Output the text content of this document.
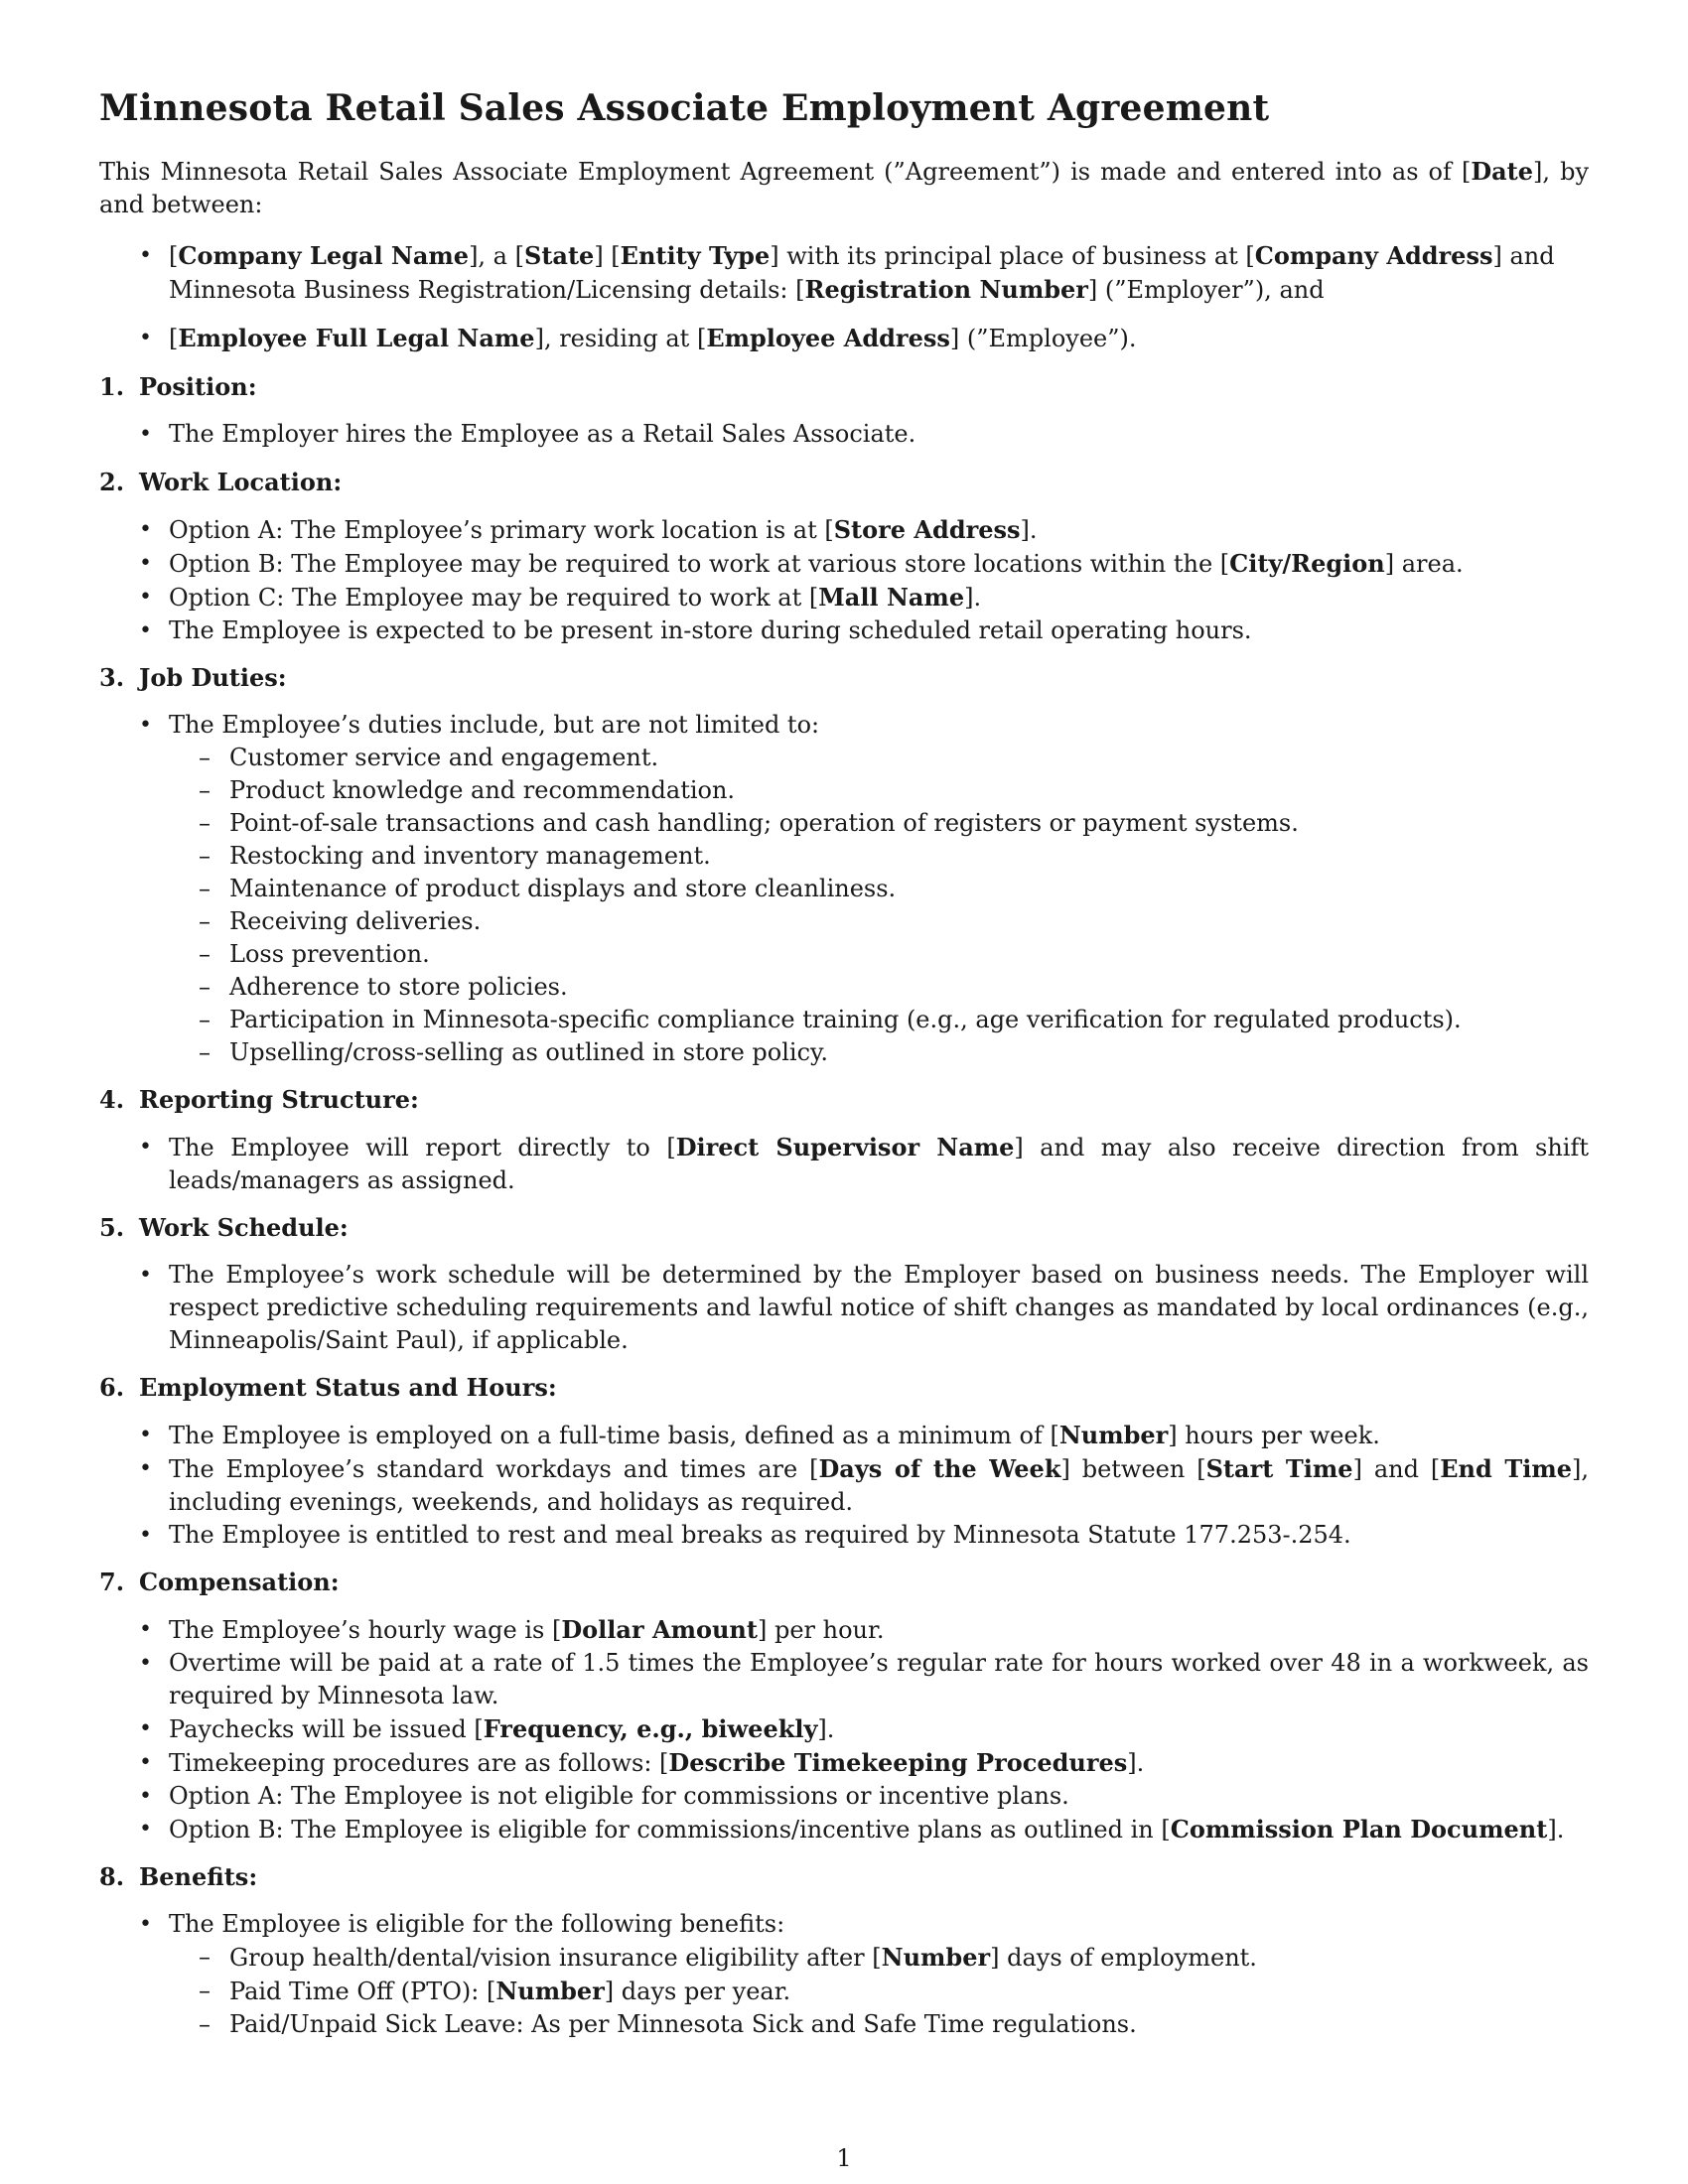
Minnesota Retail Sales Associate Employment Agreement

This Minnesota Retail Sales Associate Employment Agreement (”Agreement”) is made and entered into as of [Date], by and between:

• [Company Legal Name], a [State] [Entity Type] with its principal place of business at [Company Address] and Minnesota Business Registration/Licensing details: [Registration Number] (”Employer”), and
• [Employee Full Legal Name], residing at [Employee Address] (”Employee”).
1. Position:
• The Employer hires the Employee as a Retail Sales Associate.
2. Work Location:
• Option A: The Employee’s primary work location is at [Store Address].
• Option B: The Employee may be required to work at various store locations within the [City/Region] area.
• Option C: The Employee may be required to work at [Mall Name].
• The Employee is expected to be present in-store during scheduled retail operating hours.
3. Job Duties:
• The Employee’s duties include, but are not limited to:
– Customer service and engagement.
– Product knowledge and recommendation.
– Point-of-sale transactions and cash handling; operation of registers or payment systems.
– Restocking and inventory management.
– Maintenance of product displays and store cleanliness.
– Receiving deliveries.
– Loss prevention.
– Adherence to store policies.
– Participation in Minnesota-specific compliance training (e.g., age verification for regulated products).
– Upselling/cross-selling as outlined in store policy.
4. Reporting Structure:
• The Employee will report directly to [Direct Supervisor Name] and may also receive direction from shift leads/managers as assigned.
5. Work Schedule:
• The Employee’s work schedule will be determined by the Employer based on business needs. The Employer will respect predictive scheduling requirements and lawful notice of shift changes as mandated by local ordinances (e.g., Minneapolis/Saint Paul), if applicable.
6. Employment Status and Hours:
• The Employee is employed on a full-time basis, defined as a minimum of [Number] hours per week.
• The Employee’s standard workdays and times are [Days of the Week] between [Start Time] and [End Time], including evenings, weekends, and holidays as required.
• The Employee is entitled to rest and meal breaks as required by Minnesota Statute 177.253-.254.
7. Compensation:
• The Employee’s hourly wage is [Dollar Amount] per hour.
• Overtime will be paid at a rate of 1.5 times the Employee’s regular rate for hours worked over 48 in a workweek, as required by Minnesota law.
• Paychecks will be issued [Frequency, e.g., biweekly].
• Timekeeping procedures are as follows: [Describe Timekeeping Procedures].
• Option A: The Employee is not eligible for commissions or incentive plans.
• Option B: The Employee is eligible for commissions/incentive plans as outlined in [Commission Plan Document].
8. Benefits:
• The Employee is eligible for the following benefits:
– Group health/dental/vision insurance eligibility after [Number] days of employment.
– Paid Time Off (PTO): [Number] days per year.
– Paid/Unpaid Sick Leave: As per Minnesota Sick and Safe Time regulations.
1
